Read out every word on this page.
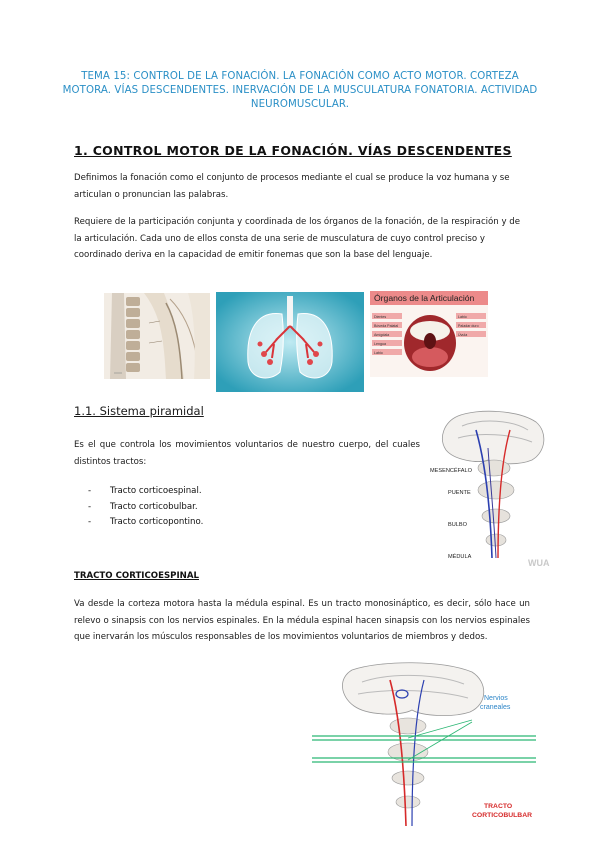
TEMA 15: CONTROL DE LA FONACIÓN. LA FONACIÓN COMO ACTO MOTOR. CORTEZA MOTORA. VÍAS DESCENDENTES. INERVACIÓN DE LA MUSCULATURA FONATORIA. ACTIVIDAD NEUROMUSCULAR.
1. CONTROL MOTOR DE LA FONACIÓN. VÍAS DESCENDENTES
Definimos la fonación como el conjunto de procesos mediante el cual se produce la voz humana y se articulan o pronuncian las palabras.
Requiere de la participación conjunta y coordinada de los órganos de la fonación, de la respiración y de la articulación. Cada uno de ellos consta de una serie de musculatura de cuyo control preciso y coordinado deriva en la capacidad de emitir fonemas que son la base del lenguaje.
Órganos de la Articulación
Dientes
Bóveda Palatal
Amígdala
Lengua
Labio
Labio
Paladar duro
Úvula
1.1. Sistema piramidal
Es el que controla los movimientos voluntarios de nuestro cuerpo, del cuales distintos tractos:
- Tracto corticoespinal.
- Tracto corticobulbar.
- Tracto corticopontino.
MESENCÉFALO
PUENTE
BULBO
MÉDULA
WUA
TRACTO CORTICOESPINAL
Va desde la corteza motora hasta la médula espinal. Es un tracto monosináptico, es decir, sólo hace un relevo o sinapsis con los nervios espinales. En la médula espinal hacen sinapsis con los nervios espinales que inervarán los músculos responsables de los movimientos voluntarios de miembros y dedos.
Nervios
craneales
TRACTO
CORTICOBULBAR
